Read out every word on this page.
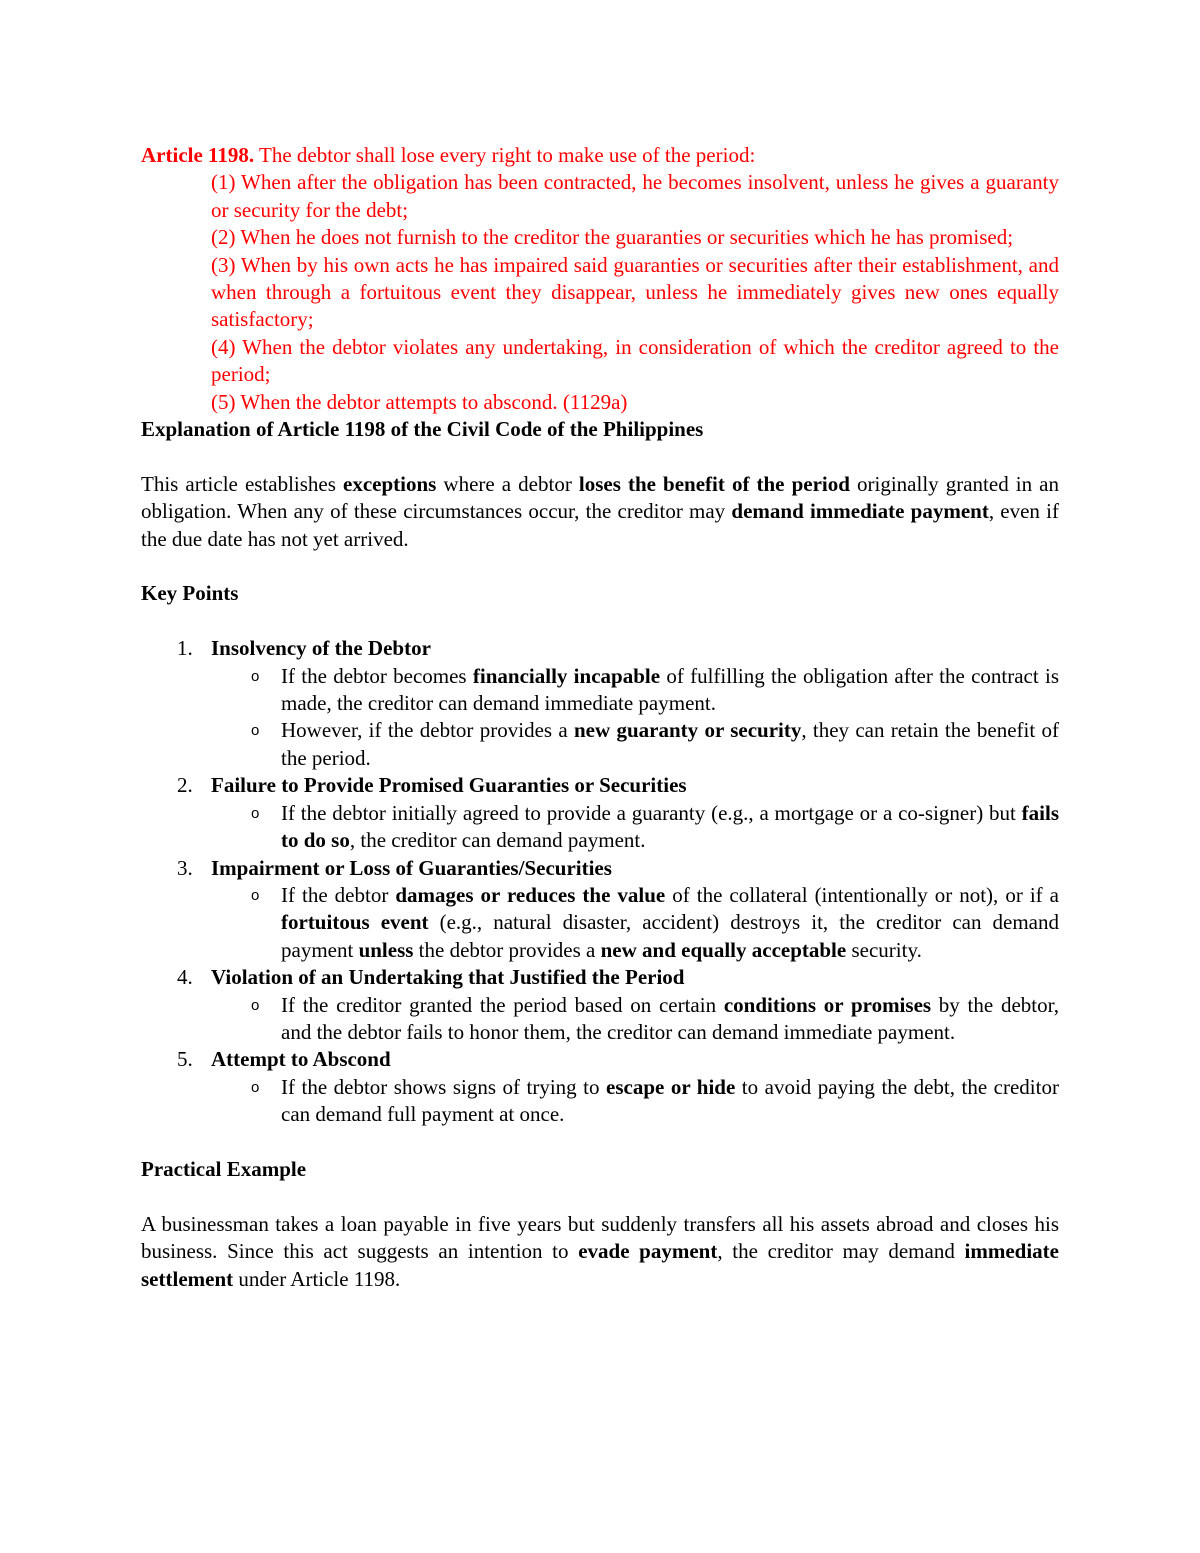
Article 1198. The debtor shall lose every right to make use of the period:

(1) When after the obligation has been contracted, he becomes insolvent, unless he gives a guaranty or security for the debt;

(2) When he does not furnish to the creditor the guaranties or securities which he has promised;

(3) When by his own acts he has impaired said guaranties or securities after their establishment, and when through a fortuitous event they disappear, unless he immediately gives new ones equally satisfactory;

(4) When the debtor violates any undertaking, in consideration of which the creditor agreed to the period;

(5) When the debtor attempts to abscond. (1129a)

Explanation of Article 1198 of the Civil Code of the Philippines

This article establishes exceptions where a debtor loses the benefit of the period originally granted in an obligation. When any of these circumstances occur, the creditor may demand immediate payment, even if the due date has not yet arrived.

Key Points
1. Insolvency of the Debtor
o If the debtor becomes financially incapable of fulfilling the obligation after the contract is made, the creditor can demand immediate payment.
o However, if the debtor provides a new guaranty or security, they can retain the benefit of the period.
2. Failure to Provide Promised Guaranties or Securities
o If the debtor initially agreed to provide a guaranty (e.g., a mortgage or a co-signer) but fails to do so, the creditor can demand payment.
3. Impairment or Loss of Guaranties/Securities
o If the debtor damages or reduces the value of the collateral (intentionally or not), or if a fortuitous event (e.g., natural disaster, accident) destroys it, the creditor can demand payment unless the debtor provides a new and equally acceptable security.
4. Violation of an Undertaking that Justified the Period
o If the creditor granted the period based on certain conditions or promises by the debtor, and the debtor fails to honor them, the creditor can demand immediate payment.
5. Attempt to Abscond
o If the debtor shows signs of trying to escape or hide to avoid paying the debt, the creditor can demand full payment at once.
Practical Example

A businessman takes a loan payable in five years but suddenly transfers all his assets abroad and closes his business. Since this act suggests an intention to evade payment, the creditor may demand immediate settlement under Article 1198.
